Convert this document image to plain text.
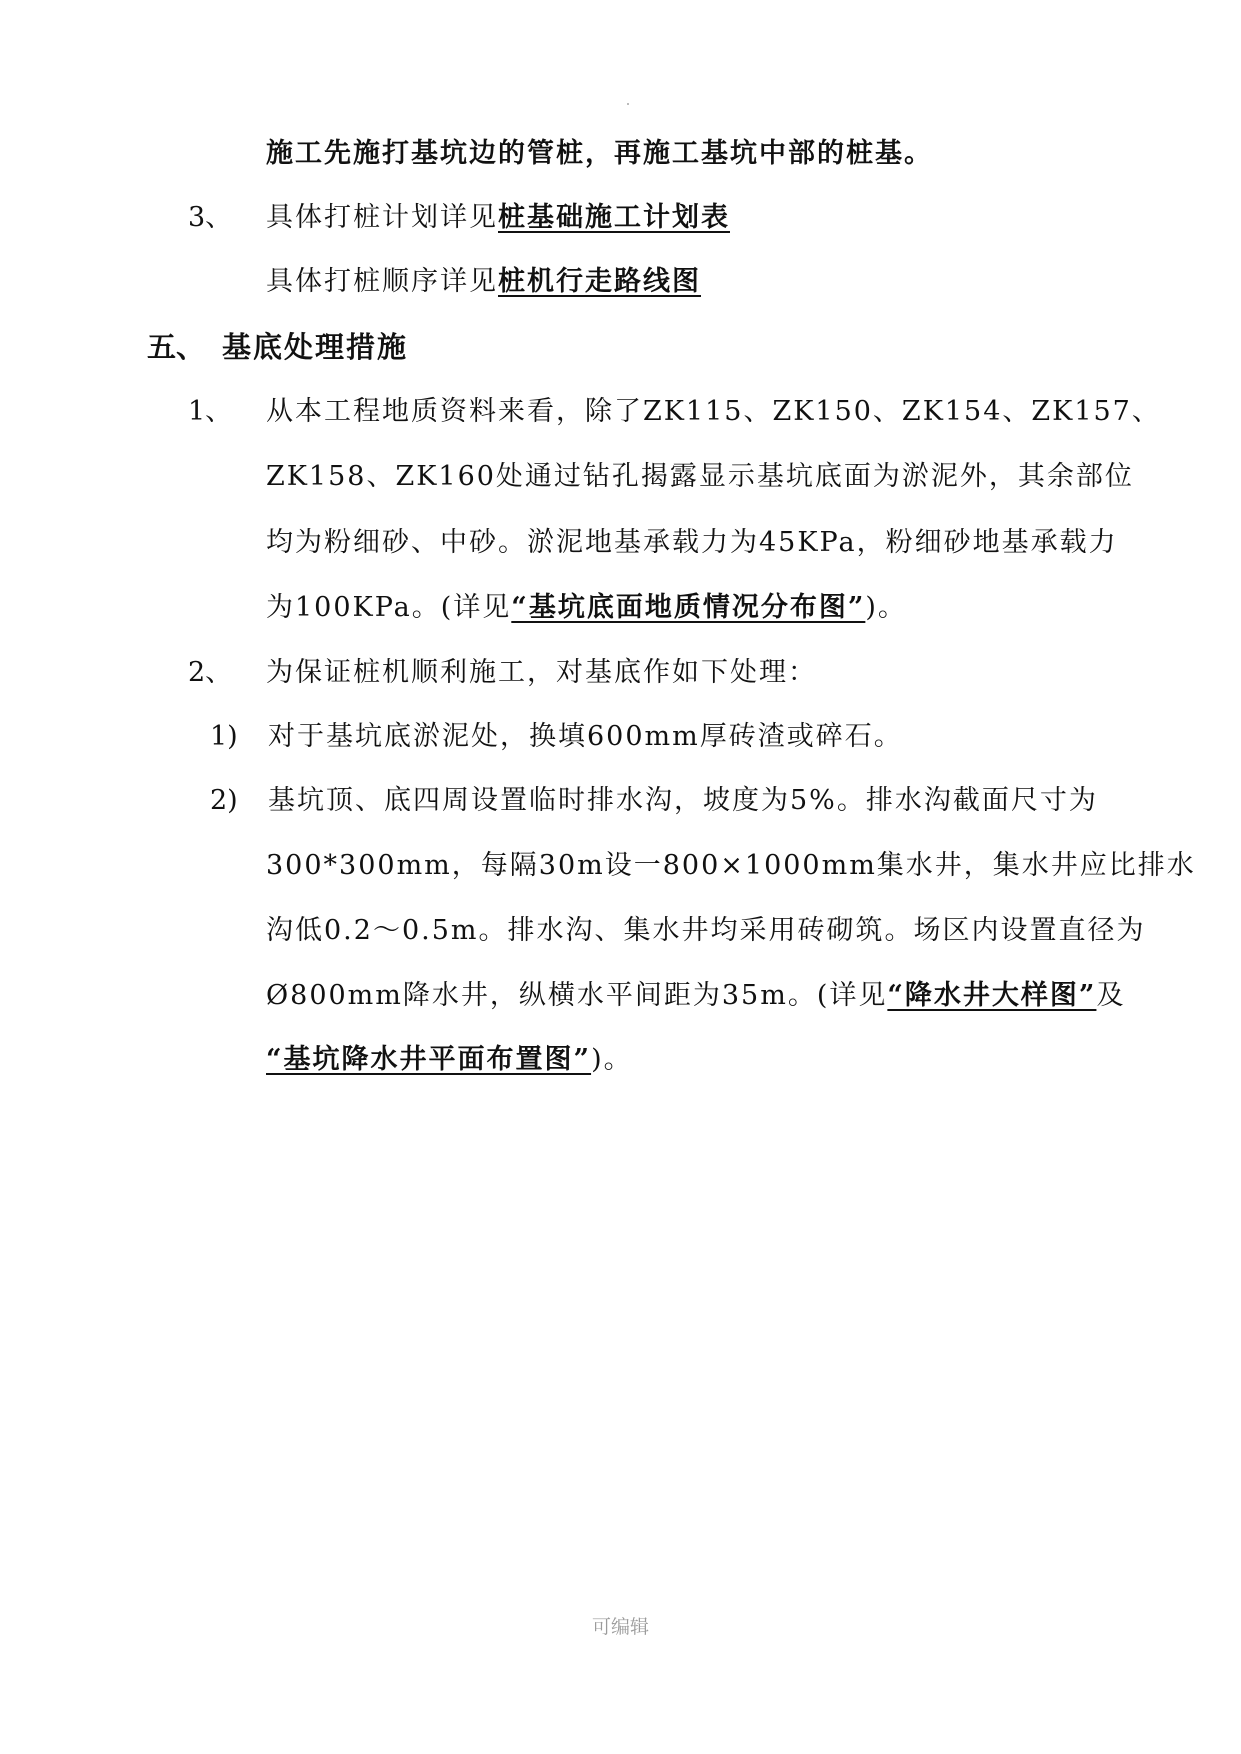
施工先施打基坑边的管桩，再施工基坑中部的桩基。
3、 具体打桩计划详见桩基础施工计划表
具体打桩顺序详见桩机行走路线图
五、 基底处理措施
1、 从本工程地质资料来看，除了ZK115、ZK150、ZK154、ZK157、
ZK158、ZK160处通过钻孔揭露显示基坑底面为淤泥外，其余部位
均为粉细砂、中砂。淤泥地基承载力为45KPa，粉细砂地基承载力
为100KPa。(详见“基坑底面地质情况分布图”)。
2、 为保证桩机顺利施工，对基底作如下处理：
1) 对于基坑底淤泥处，换填600mm厚砖渣或碎石。
2) 基坑顶、底四周设置临时排水沟，坡度为5%。排水沟截面尺寸为
300*300mm，每隔30m设一800×1000mm集水井，集水井应比排水
沟低0.2～0.5m。排水沟、集水井均采用砖砌筑。场区内设置直径为
Ø800mm降水井，纵横水平间距为35m。(详见“降水井大样图”及
“基坑降水井平面布置图”)。
可编辑
